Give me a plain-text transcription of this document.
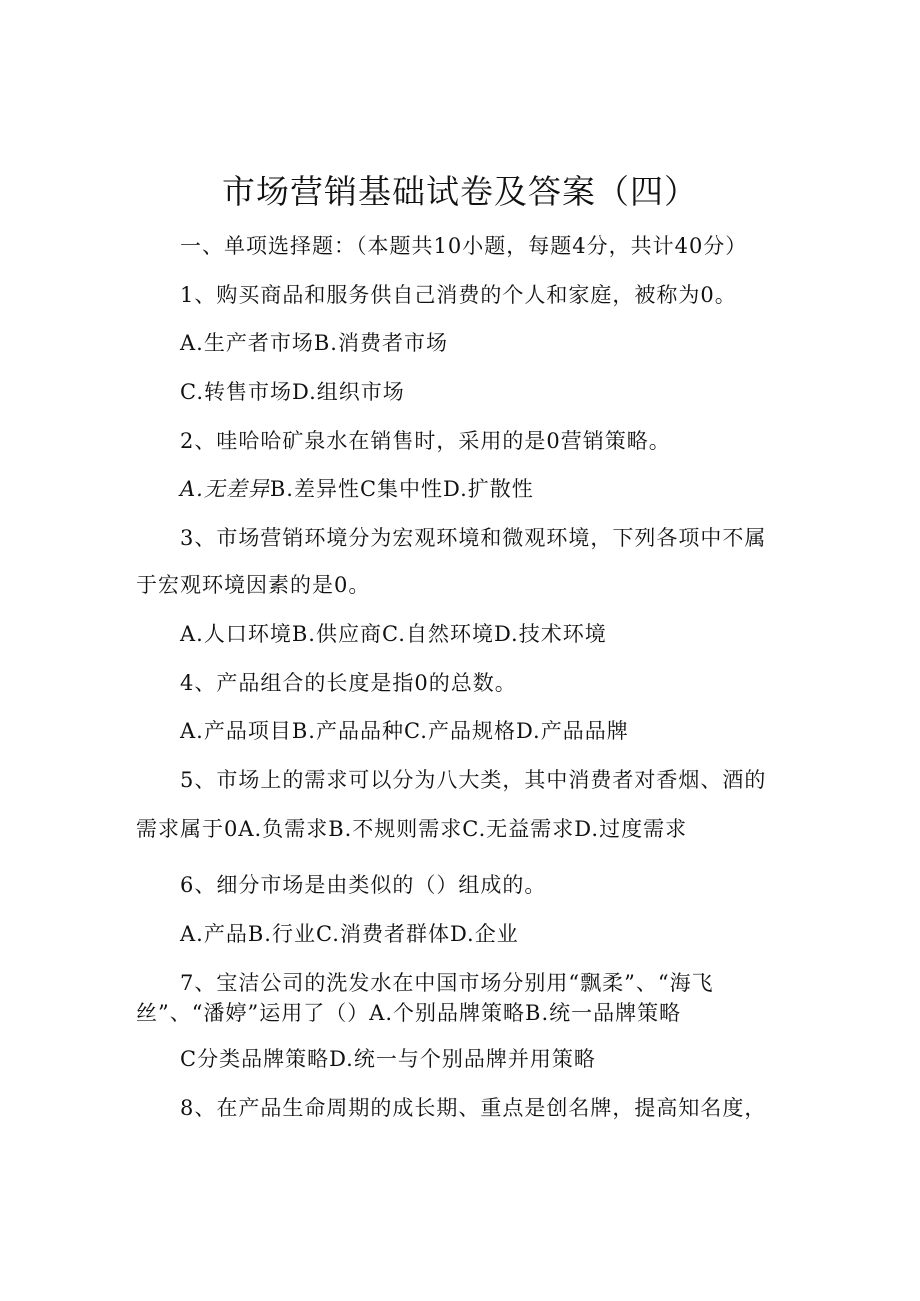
市场营销基础试卷及答案（四）
一、单项选择题：（本题共10小题，每题4分，共计40分）
1、购买商品和服务供自己消费的个人和家庭，被称为0。
A.生产者市场B.消费者市场
C.转售市场D.组织市场
2、哇哈哈矿泉水在销售时，采用的是0营销策略。
A.无差异B.差异性C集中性D.扩散性
3、市场营销环境分为宏观环境和微观环境，下列各项中不属
于宏观环境因素的是0。
A.人口环境B.供应商C.自然环境D.技术环境
4、产品组合的长度是指0的总数。
A.产品项目B.产品品种C.产品规格D.产品品牌
5、市场上的需求可以分为八大类，其中消费者对香烟、酒的
需求属于0A.负需求B.不规则需求C.无益需求D.过度需求
6、细分市场是由类似的（）组成的。
A.产品B.行业C.消费者群体D.企业
7、宝洁公司的洗发水在中国市场分别用“飘柔”、“海飞
丝”、“潘婷”运用了（）A.个别品牌策略B.统一品牌策略
C分类品牌策略D.统一与个别品牌并用策略
8、在产品生命周期的成长期、重点是创名牌，提高知名度，
